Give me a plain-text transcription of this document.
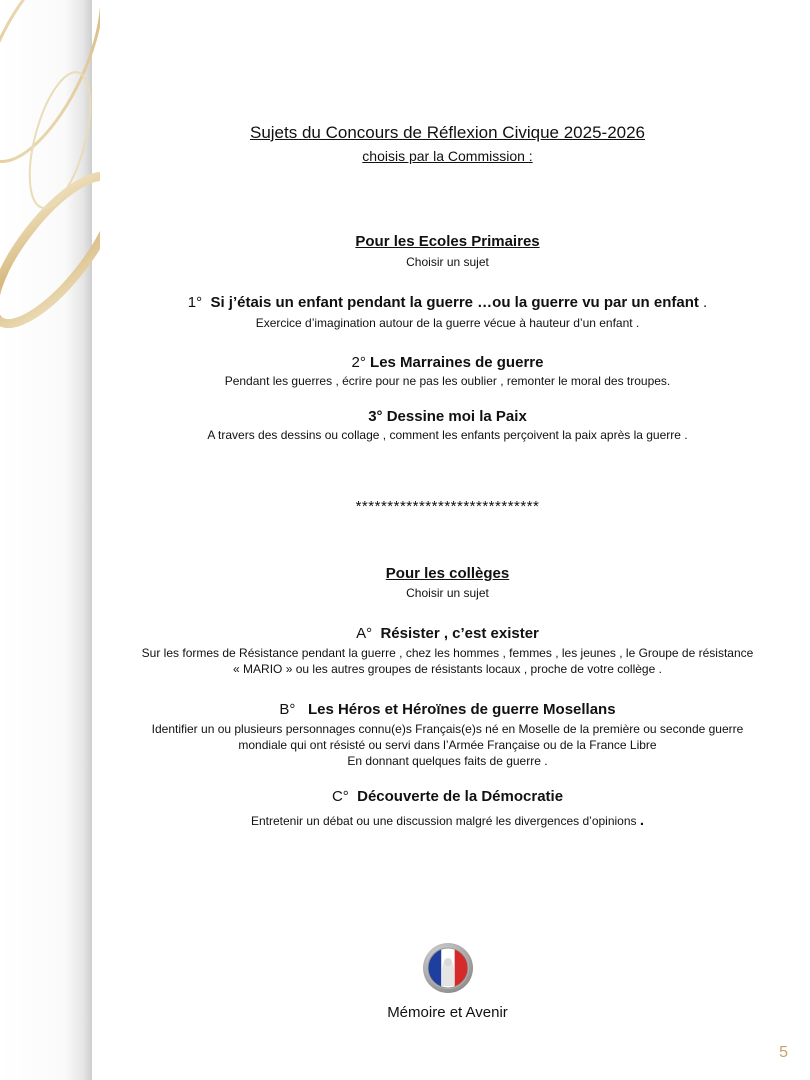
Sujets du Concours de Réflexion Civique 2025-2026
choisis par la Commission :
Pour les Ecoles Primaires
Choisir un sujet
1° Si j’étais un enfant pendant la guerre …ou la guerre vu par un enfant .
Exercice d’imagination autour de la guerre vécue à hauteur d’un enfant .
2° Les Marraines de guerre
Pendant les guerres , écrire pour ne pas les oublier , remonter le moral des troupes.
3° Dessine moi la Paix
A travers des dessins ou collage , comment les enfants perçoivent la paix après la guerre .
*****************************
Pour les collèges
Choisir un sujet
A° Résister , c’est exister
Sur les formes de Résistance pendant la guerre , chez les hommes , femmes , les jeunes , le Groupe de résistance
« MARIO » ou les autres groupes de résistants locaux , proche de votre collège .
B° Les Héros et Héroïnes de guerre Mosellans
Identifier un ou plusieurs personnages connu(e)s Français(e)s né en Moselle de la première ou seconde guerre
mondiale qui ont résisté ou servi dans l’Armée Française ou de la France Libre
En donnant quelques faits de guerre .
C° Découverte de la Démocratie
Entretenir un débat ou une discussion malgré les divergences d’opinions .
Mémoire et Avenir
5
